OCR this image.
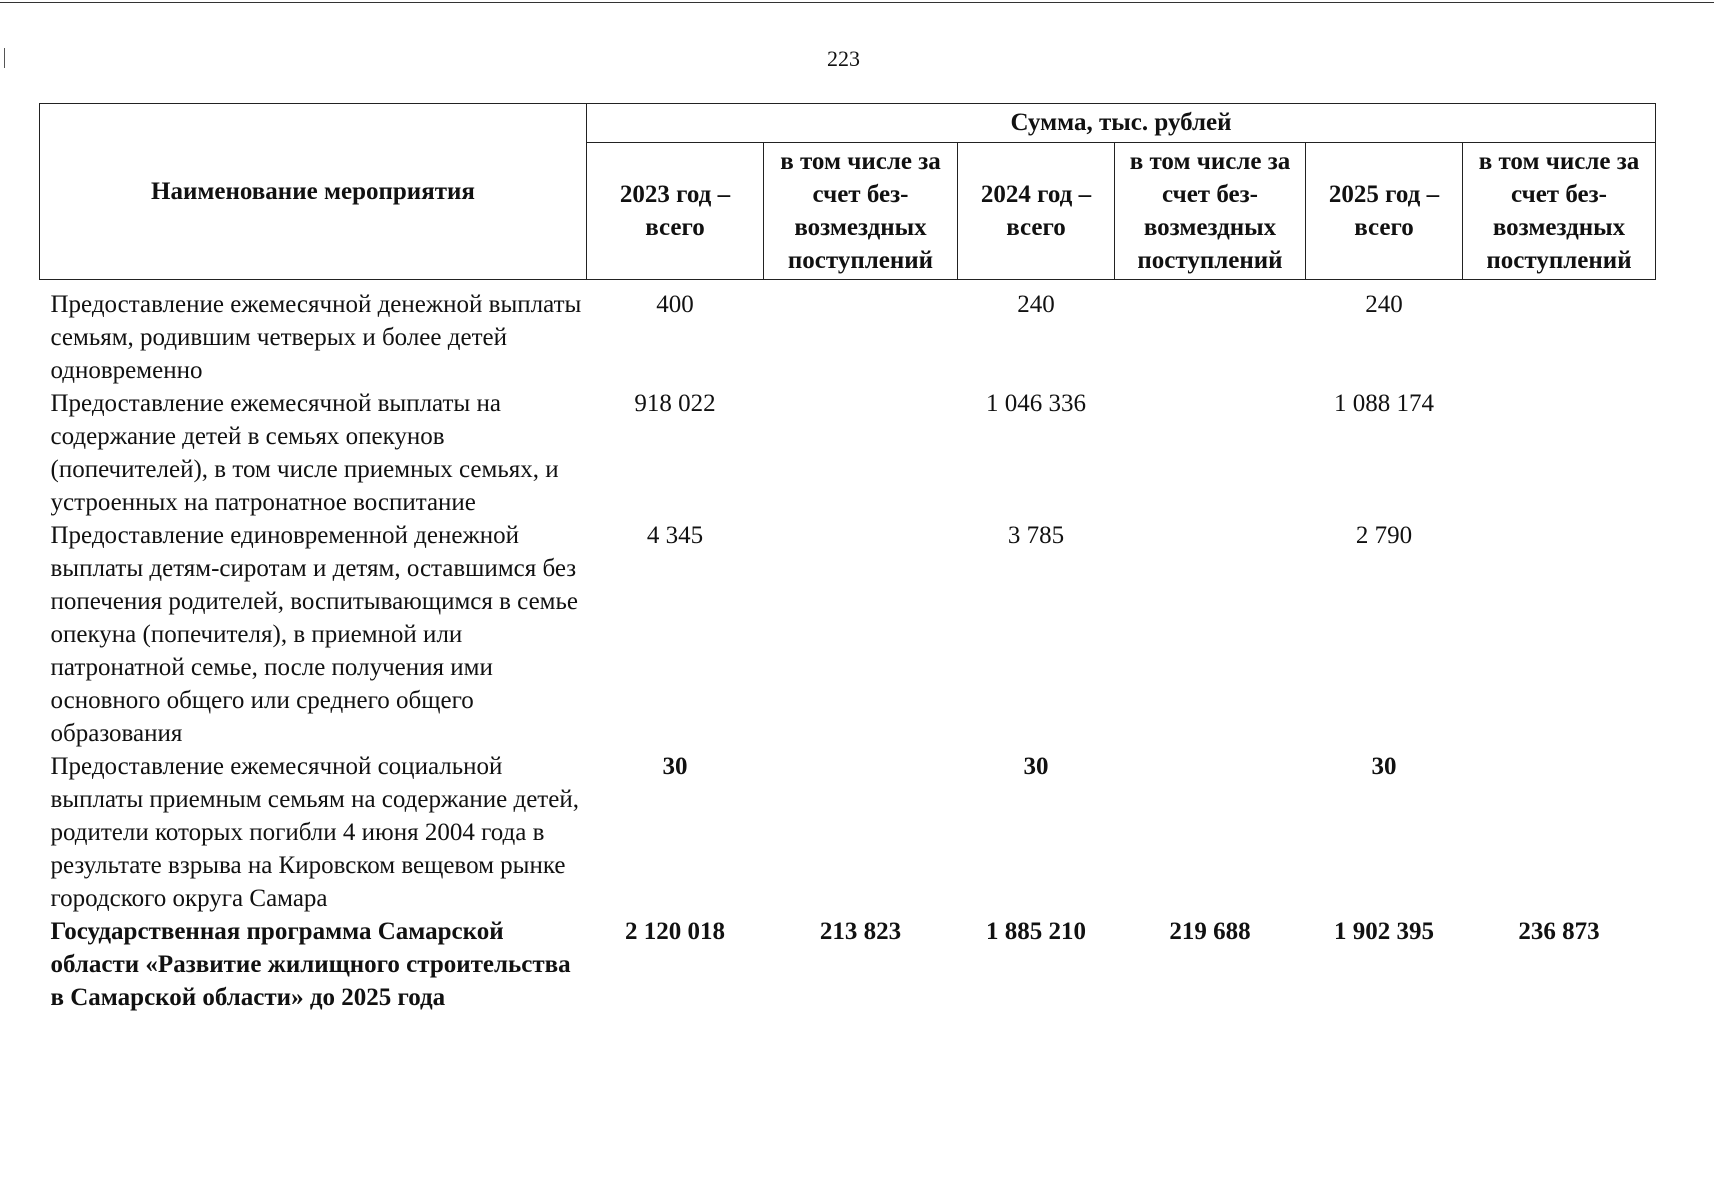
223
Наименование мероприятия	Сумма, тыс. рублей					
	2023 год – всего	в том числе за счет без-возмездных поступлений	2024 год – всего	в том числе за счет без-возмездных поступлений	2025 год – всего	в том числе за счет без-возмездных поступлений
Предоставление ежемесячной денежной выплаты семьям, родившим четверых и более детей одновременно	400		240		240	
Предоставление ежемесячной выплаты на содержание детей в семьях опекунов (попечителей), в том числе приемных семьях, и устроенных на патронатное воспитание	918 022		1 046 336		1 088 174	
Предоставление единовременной денежной выплаты детям-сиротам и детям, оставшимся без попечения родителей, воспитывающимся в семье опекуна (попечителя), в приемной или патронатной семье, после получения ими основного общего или среднего общего образования	4 345		3 785		2 790	
Предоставление ежемесячной социальной выплаты приемным семьям на содержание детей, родители которых погибли 4 июня 2004 года в результате взрыва на Кировском вещевом рынке городского округа Самара	30		30		30	
Государственная программа Самарской области «Развитие жилищного строительства в Самарской области» до 2025 года	2 120 018	213 823	1 885 210	219 688	1 902 395	236 873
